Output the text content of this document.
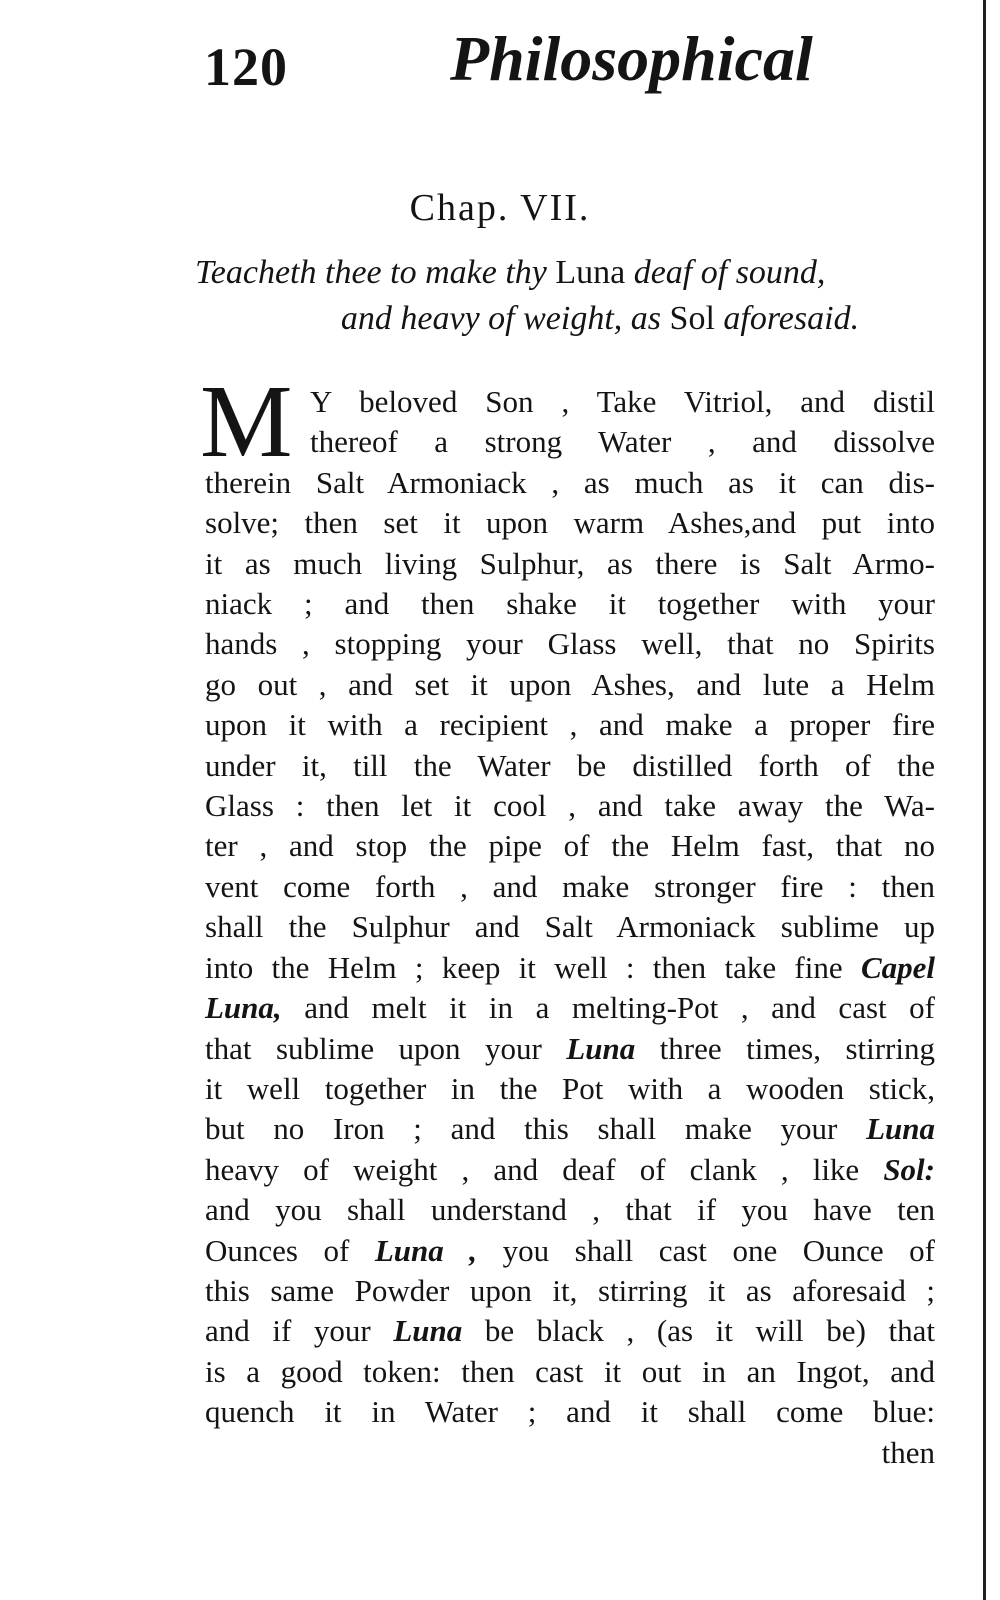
120	Philosophical
Chap. VII.
Teacheth thee to make thy Luna deaf of sound,
and heavy of weight, as Sol aforesaid.
M Y beloved Son , Take Vitriol, and distil
thereof a strong Water , and dissolve
therein Salt Armoniack , as much as it can dis-
solve; then set it upon warm Ashes,and put into
it as much living Sulphur, as there is Salt Armo-
niack ; and then shake it together with your
hands , stopping your Glass well, that no Spirits
go out , and set it upon Ashes, and lute a Helm
upon it with a recipient , and make a proper fire
under it, till the Water be distilled forth of the
Glass : then let it cool , and take away the Wa-
ter , and stop the pipe of the Helm fast, that no
vent come forth , and make stronger fire : then
shall the Sulphur and Salt Armoniack sublime up
into the Helm ; keep it well : then take fine Capel
Luna, and melt it in a melting-Pot , and cast of
that sublime upon your Luna three times, stirring
it well together in the Pot with a wooden stick,
but no Iron ; and this shall make your Luna
heavy of weight , and deaf of clank , like Sol:
and you shall understand , that if you have ten
Ounces of Luna , you shall cast one Ounce of
this same Powder upon it, stirring it as aforesaid ;
and if your Luna be black , (as it will be) that
is a good token: then cast it out in an Ingot, and
quench it in Water ; and it shall come blue:
then
